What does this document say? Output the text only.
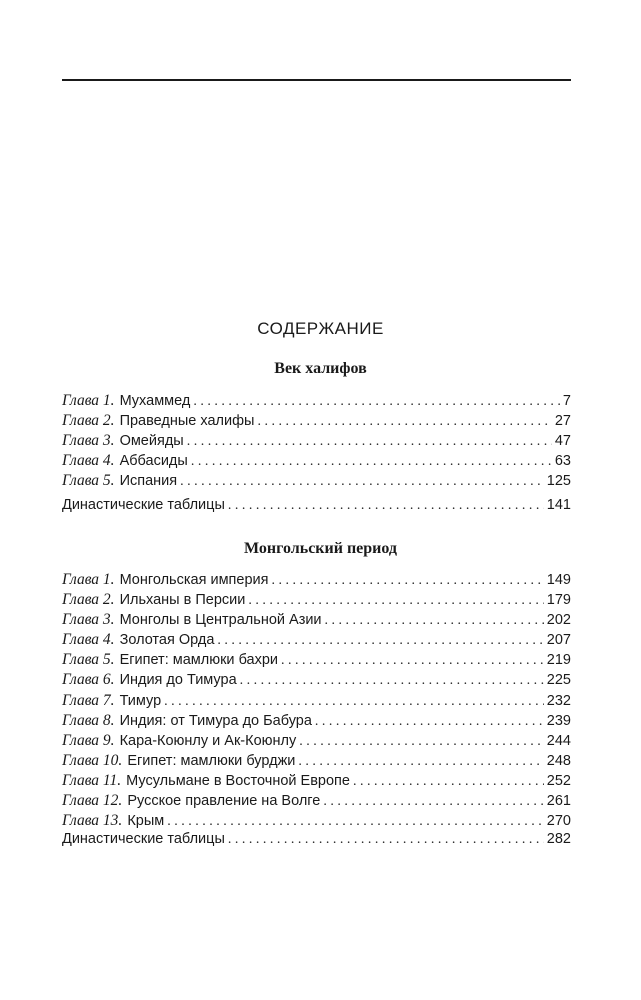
СОДЕРЖАНИЕ
Век халифов
Глава 1. Мухаммед . . .	7
Глава 2. Праведные халифы . . .	27
Глава 3. Омейяды . . .	47
Глава 4. Аббасиды . . .	63
Глава 5. Испания . . .	125
Династические таблицы . . .	141
Монгольский период
Глава 1. Монгольская империя . . .	149
Глава 2. Ильханы в Персии . . .	179
Глава 3. Монголы в Центральной Азии . . .	202
Глава 4. Золотая Орда . . .	207
Глава 5. Египет: мамлюки бахри . . .	219
Глава 6. Индия до Тимура . . .	225
Глава 7. Тимур . . .	232
Глава 8. Индия: от Тимура до Бабура . . .	239
Глава 9. Кара-Коюнлу и Ак-Коюнлу . . .	244
Глава 10. Египет: мамлюки бурджи . . .	248
Глава 11. Мусульмане в Восточной Европе . . .	252
Глава 12. Русское правление на Волге . . .	261
Глава 13. Крым . . .	270
Династические таблицы . . .	282
